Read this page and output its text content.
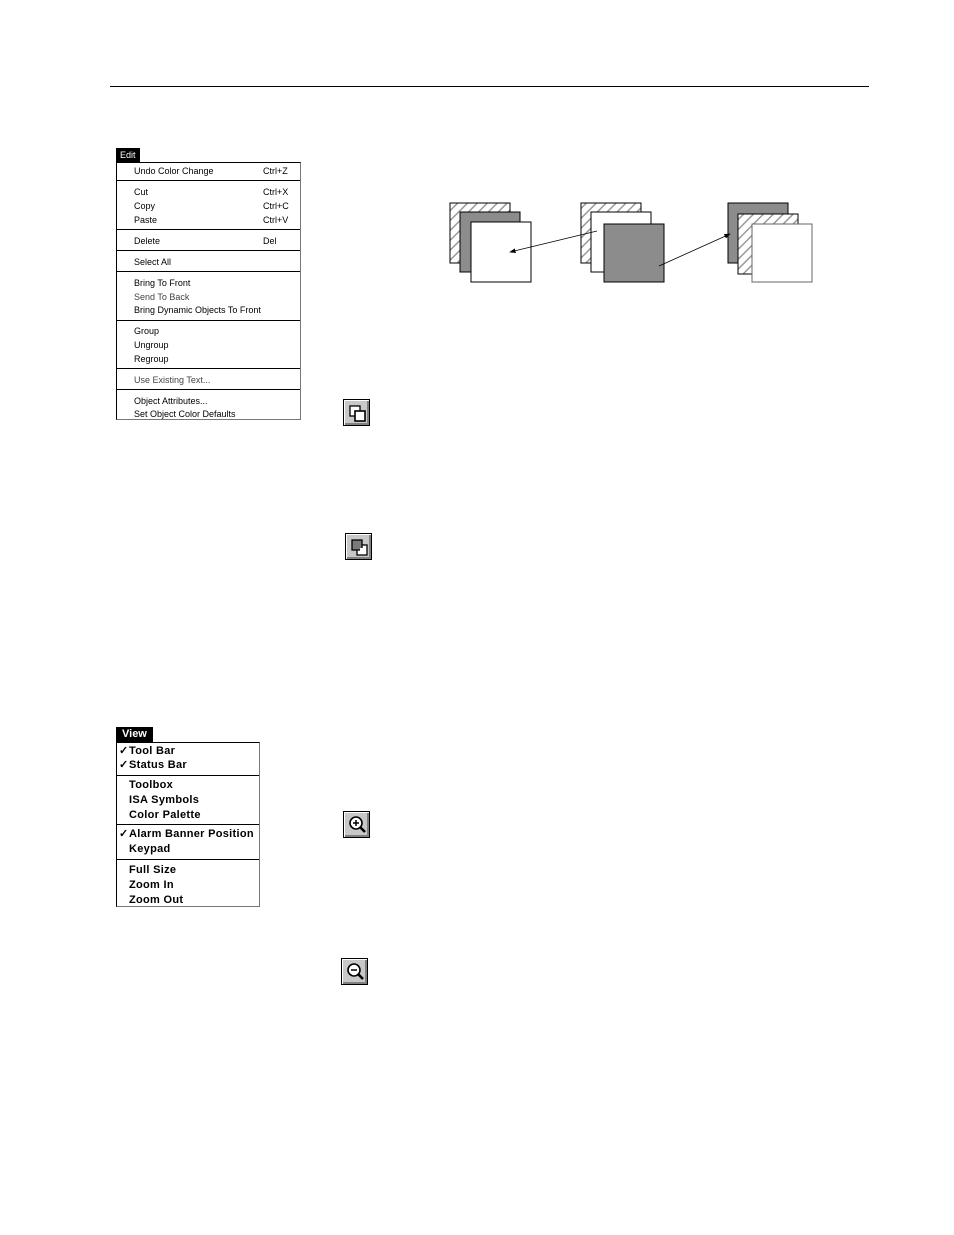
Edit
Undo Color Change	Ctrl+Z
Cut	Ctrl+X
Copy	Ctrl+C
Paste	Ctrl+V
Delete	Del
Select All
Bring To Front
Send To Back
Bring Dynamic Objects To Front
Group
Ungroup
Regroup
Use Existing Text...
Object Attributes...
Set Object Color Defaults
View
✓ Tool Bar
✓ Status Bar
Toolbox
ISA Symbols
Color Palette
✓ Alarm Banner Position
Keypad
Full Size
Zoom In
Zoom Out
